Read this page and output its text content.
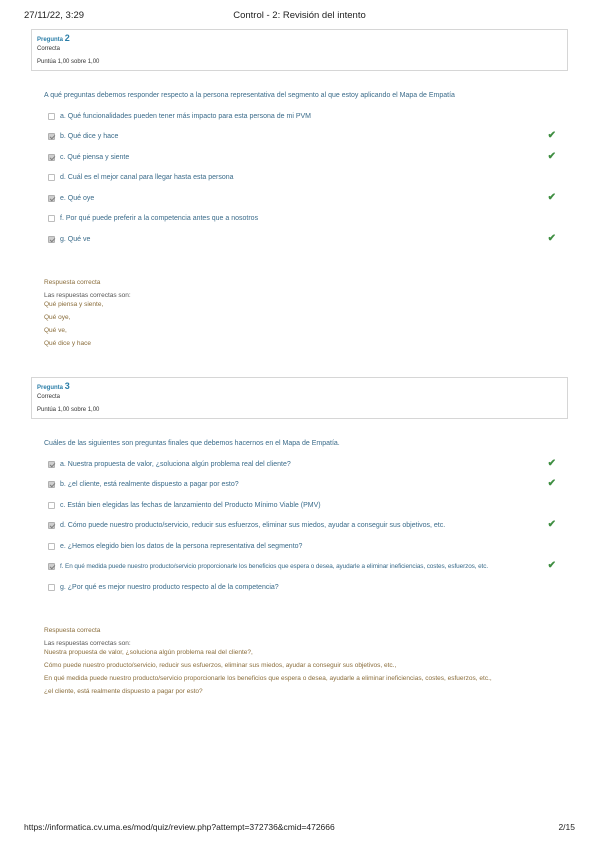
27/11/22, 3:29	Control - 2: Revisión del intento
Pregunta 2
Correcta
Puntúa 1,00 sobre 1,00
A qué preguntas debemos responder respecto a la persona representativa del segmento al que estoy aplicando el Mapa de Empatía
a. Qué funcionalidades pueden tener más impacto para esta persona de mi PVM
b. Qué dice y hace	✔
c. Qué piensa y siente	✔
d. Cuál es el mejor canal para llegar hasta esta persona
e. Qué oye	✔
f. Por qué puede preferir a la competencia antes que a nosotros
g. Qué ve	✔
Respuesta correcta
Las respuestas correctas son:
Qué piensa y siente,
Qué oye,
Qué ve,
Qué dice y hace
Pregunta 3
Correcta
Puntúa 1,00 sobre 1,00
Cuáles de las siguientes son preguntas finales que debemos hacernos en el Mapa de Empatía.
a. Nuestra propuesta de valor, ¿soluciona algún problema real del cliente?	✔
b. ¿el cliente, está realmente dispuesto a pagar por esto?	✔
c. Están bien elegidas las fechas de lanzamiento del Producto Mínimo Viable (PMV)
d. Cómo puede nuestro producto/servicio, reducir sus esfuerzos, eliminar sus miedos, ayudar a conseguir sus objetivos, etc.	✔
e. ¿Hemos elegido bien los datos de la persona representativa del segmento?
f. En qué medida puede nuestro producto/servicio proporcionarle los beneficios que espera o desea, ayudarle a eliminar ineficiencias, costes, esfuerzos, etc.	✔
g. ¿Por qué es mejor nuestro producto respecto al de la competencia?
Respuesta correcta
Las respuestas correctas son:
Nuestra propuesta de valor, ¿soluciona algún problema real del cliente?,
Cómo puede nuestro producto/servicio, reducir sus esfuerzos, eliminar sus miedos, ayudar a conseguir sus objetivos, etc.,
En qué medida puede nuestro producto/servicio proporcionarle los beneficios que espera o desea, ayudarle a eliminar ineficiencias, costes, esfuerzos, etc.,
¿el cliente, está realmente dispuesto a pagar por esto?
https://informatica.cv.uma.es/mod/quiz/review.php?attempt=372736&cmid=472666	2/15
